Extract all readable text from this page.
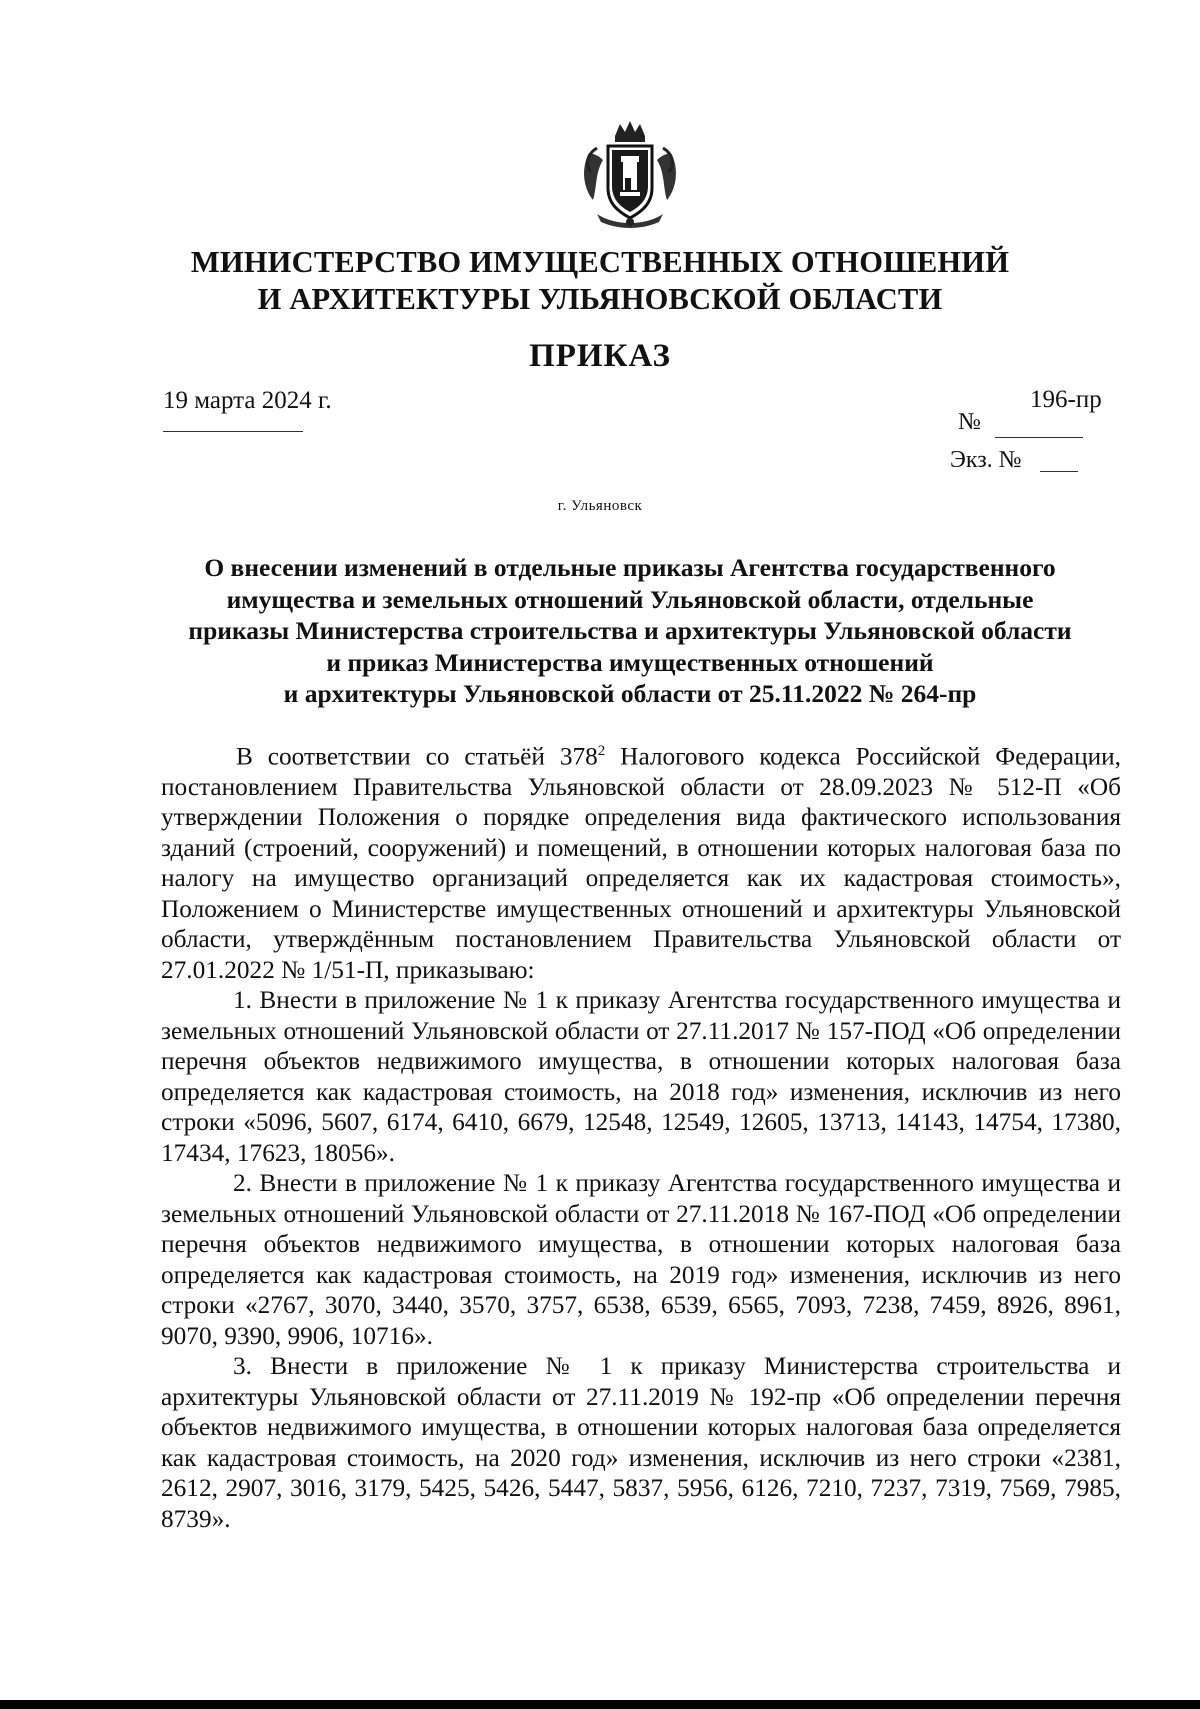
МИНИСТЕРСТВО ИМУЩЕСТВЕННЫХ ОТНОШЕНИЙ
И АРХИТЕКТУРЫ УЛЬЯНОВСКОЙ ОБЛАСТИ
ПРИКАЗ
19 марта 2024 г.	196-пр
№
Экз. №
г. Ульяновск
О внесении изменений в отдельные приказы Агентства государственного
имущества и земельных отношений Ульяновской области, отдельные
приказы Министерства строительства и архитектуры Ульяновской области
и приказ Министерства имущественных отношений
и архитектуры Ульяновской области от 25.11.2022 № 264-пр

В соответствии со статьёй $378^2$ Налогового кодекса Российской Федерации, постановлением Правительства Ульяновской области от 28.09.2023 № 512-П «Об утверждении Положения о порядке определения вида фактического использования зданий (строений, сооружений) и помещений, в отношении которых налоговая база по налогу на имущество организаций определяется как их кадастровая стоимость», Положением о Министерстве имущественных отношений и архитектуры Ульяновской области, утверждённым постановлением Правительства Ульяновской области от 27.01.2022 № 1/51-П, приказываю:

1. Внести в приложение № 1 к приказу Агентства государственного имущества и земельных отношений Ульяновской области от 27.11.2017 № 157-ПОД «Об определении перечня объектов недвижимого имущества, в отношении которых налоговая база определяется как кадастровая стоимость, на 2018 год» изменения, исключив из него строки «5096, 5607, 6174, 6410, 6679, 12548, 12549, 12605, 13713, 14143, 14754, 17380, 17434, 17623, 18056».

2. Внести в приложение № 1 к приказу Агентства государственного имущества и земельных отношений Ульяновской области от 27.11.2018 № 167-ПОД «Об определении перечня объектов недвижимого имущества, в отношении которых налоговая база определяется как кадастровая стоимость, на 2019 год» изменения, исключив из него строки «2767, 3070, 3440, 3570, 3757, 6538, 6539, 6565, 7093, 7238, 7459, 8926, 8961, 9070, 9390, 9906, 10716».

3. Внести в приложение № 1 к приказу Министерства строительства и архитектуры Ульяновской области от 27.11.2019 № 192-пр «Об определении перечня объектов недвижимого имущества, в отношении которых налоговая база определяется как кадастровая стоимость, на 2020 год» изменения, исключив из него строки «2381, 2612, 2907, 3016, 3179, 5425, 5426, 5447, 5837, 5956, 6126, 7210, 7237, 7319, 7569, 7985, 8739».
